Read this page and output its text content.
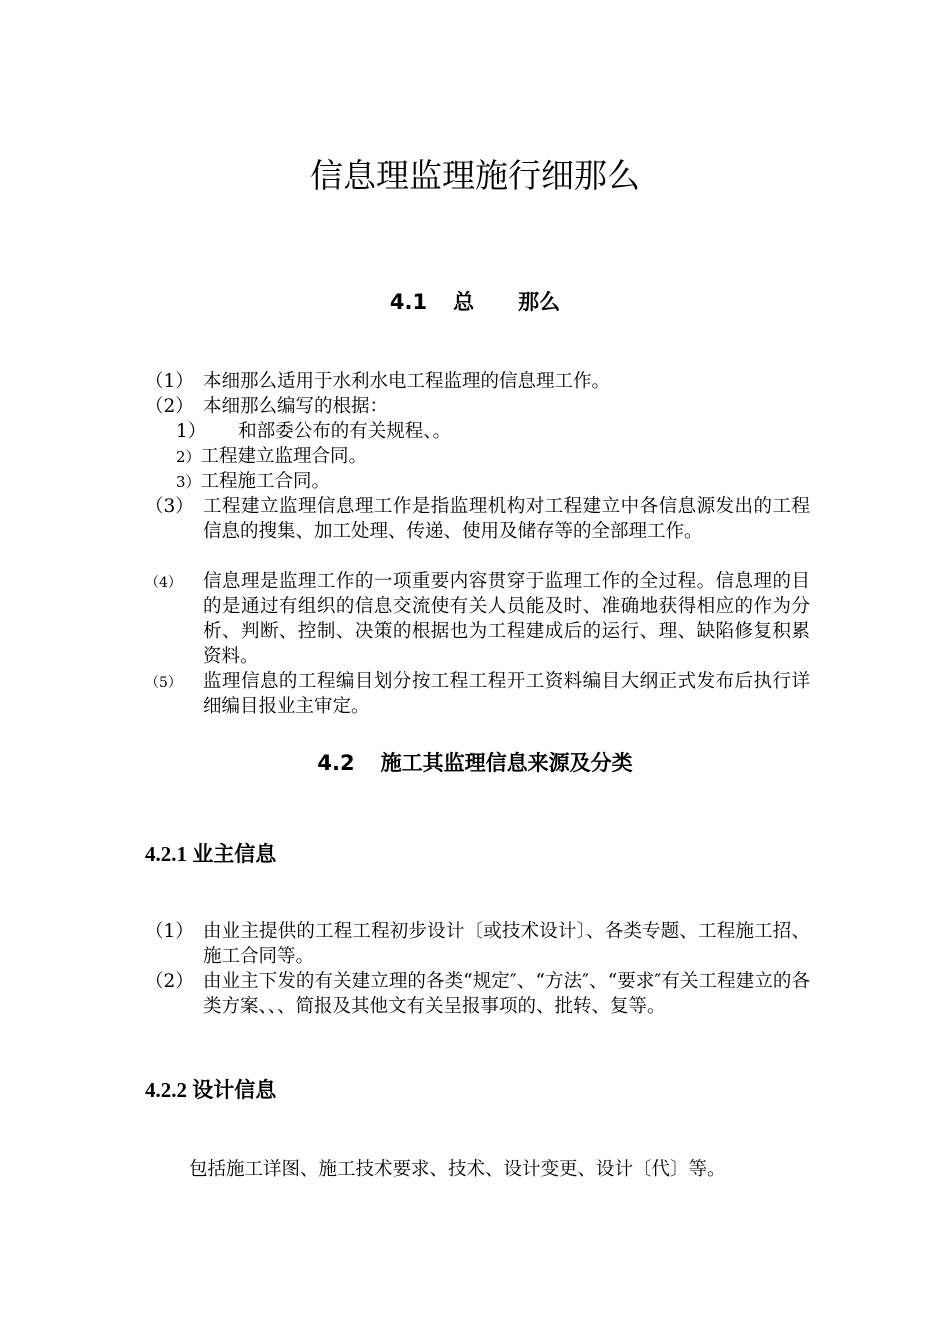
信息理监理施行细那么
4.1 总 那么
（1） 本细那么适用于水利水电工程监理的信息理工作。
（2） 本细那么编写的根据：
1） 和部委公布的有关规程、。
2）工程建立监理合同。
3）工程施工合同。
（3） 工程建立监理信息理工作是指监理机构对工程建立中各信息源发出的工程信息的搜集、加工处理、传递、使用及储存等的全部理工作。
（4） 信息理是监理工作的一项重要内容贯穿于监理工作的全过程。信息理的目的是通过有组织的信息交流使有关人员能及时、准确地获得相应的作为分析、判断、控制、决策的根据也为工程建成后的运行、理、缺陷修复积累资料。
（5） 监理信息的工程编目划分按工程工程开工资料编目大纲正式发布后执行详细编目报业主审定。
4.2 施工其监理信息来源及分类
4.2.1 业主信息
（1） 由业主提供的工程工程初步设计〔或技术设计〕、各类专题、工程施工招、施工合同等。
（2） 由业主下发的有关建立理的各类“规定″、“方法″、“要求″有关工程建立的各类方案、、、简报及其他文有关呈报事项的、批转、复等。
4.2.2 设计信息
包括施工详图、施工技术要求、技术、设计变更、设计〔代〕等。
